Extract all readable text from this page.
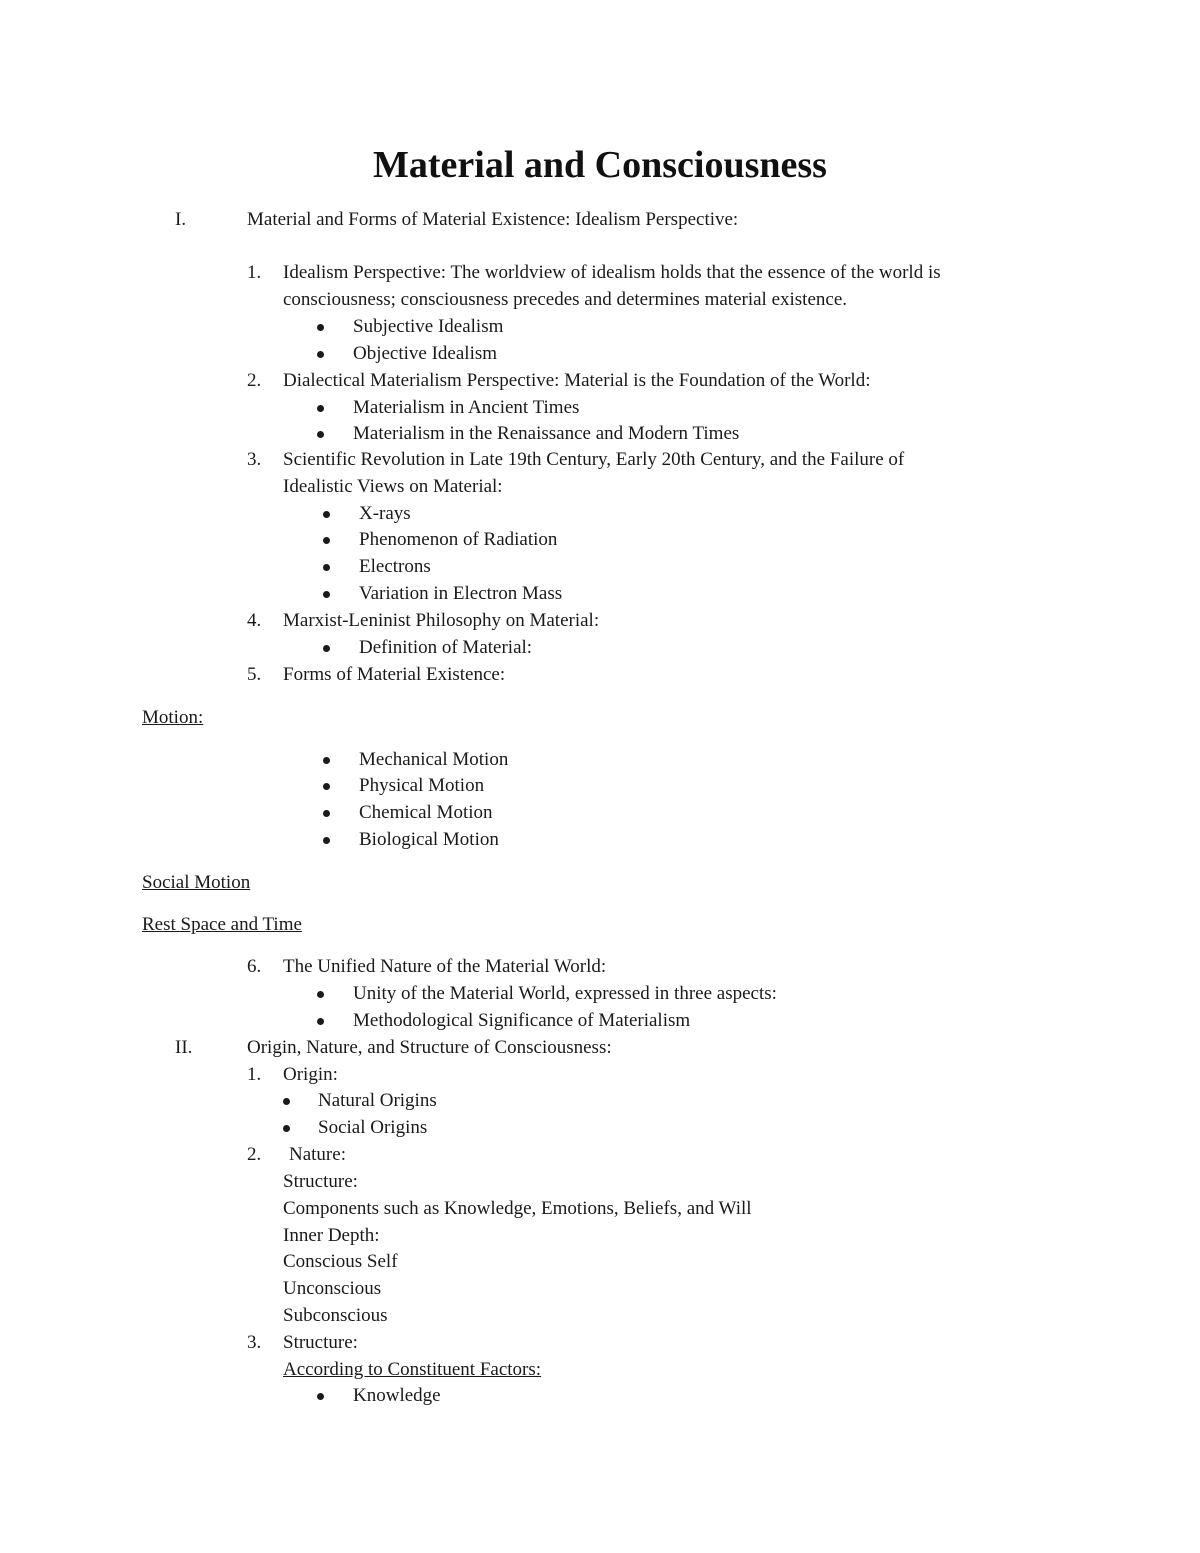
Material and Consciousness
I.	Material and Forms of Material Existence: Idealism Perspective:
1. Idealism Perspective: The worldview of idealism holds that the essence of the world is
consciousness; consciousness precedes and determines material existence.
Subjective Idealism
Objective Idealism
2. Dialectical Materialism Perspective: Material is the Foundation of the World:
Materialism in Ancient Times
Materialism in the Renaissance and Modern Times
3. Scientific Revolution in Late 19th Century, Early 20th Century, and the Failure of
Idealistic Views on Material:
X-rays
Phenomenon of Radiation
Electrons
Variation in Electron Mass
4. Marxist-Leninist Philosophy on Material:
Definition of Material:
5. Forms of Material Existence:
Motion:
Mechanical Motion
Physical Motion
Chemical Motion
Biological Motion
Social Motion
Rest Space and Time
6. The Unified Nature of the Material World:
Unity of the Material World, expressed in three aspects:
Methodological Significance of Materialism
II.	Origin, Nature, and Structure of Consciousness:
1. Origin:
Natural Origins
Social Origins
2. Nature:
Structure:
Components such as Knowledge, Emotions, Beliefs, and Will
Inner Depth:
Conscious Self
Unconscious
Subconscious
3. Structure:
According to Constituent Factors:
Knowledge
